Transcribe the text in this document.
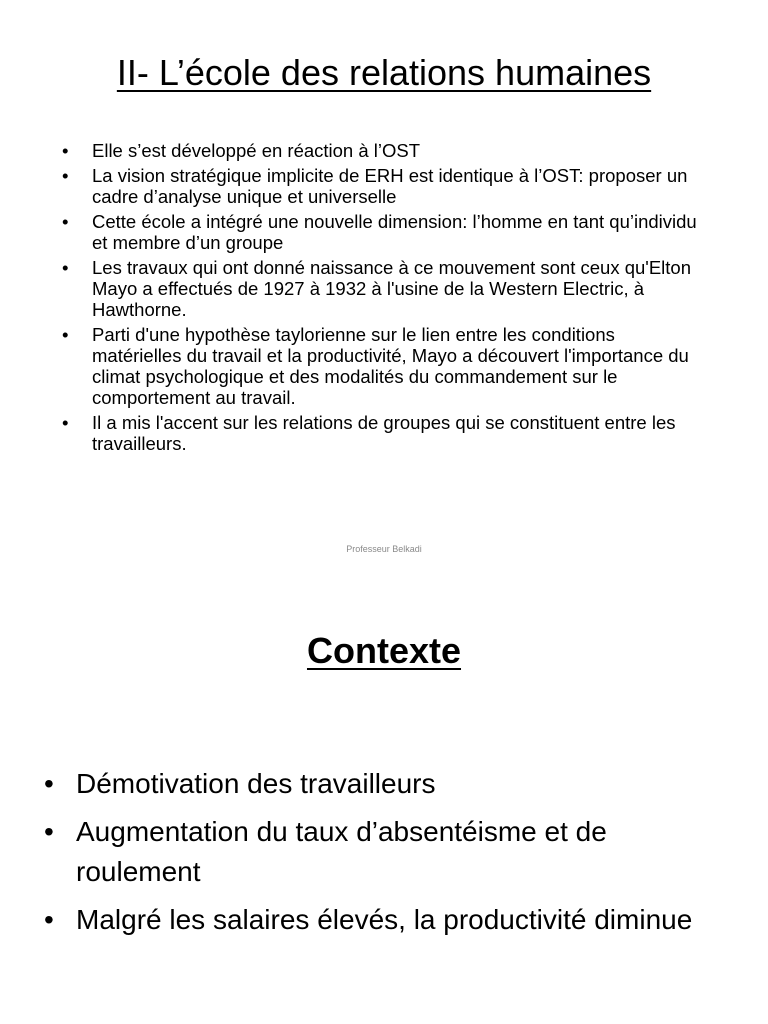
II- L’école des relations humaines
• Elle s’est développé en réaction à l’OST
• La vision stratégique implicite de ERH est identique à l’OST: proposer un cadre d’analyse unique et universelle
• Cette école a intégré une nouvelle dimension: l’homme en tant qu’individu et membre d’un groupe
• Les travaux qui ont donné naissance à ce mouvement sont ceux qu'Elton Mayo a effectués de 1927 à 1932 à l'usine de la Western Electric, à Hawthorne.
• Parti d'une hypothèse taylorienne sur le lien entre les conditions matérielles du travail et la productivité, Mayo a découvert l'importance du climat psychologique et des modalités du commandement sur le comportement au travail.
• Il a mis l'accent sur les relations de groupes qui se constituent entre les travailleurs.
Professeur Belkadi
Contexte
• Démotivation des travailleurs
• Augmentation du taux d’absentéisme et de roulement
• Malgré les salaires élevés, la productivité diminue
